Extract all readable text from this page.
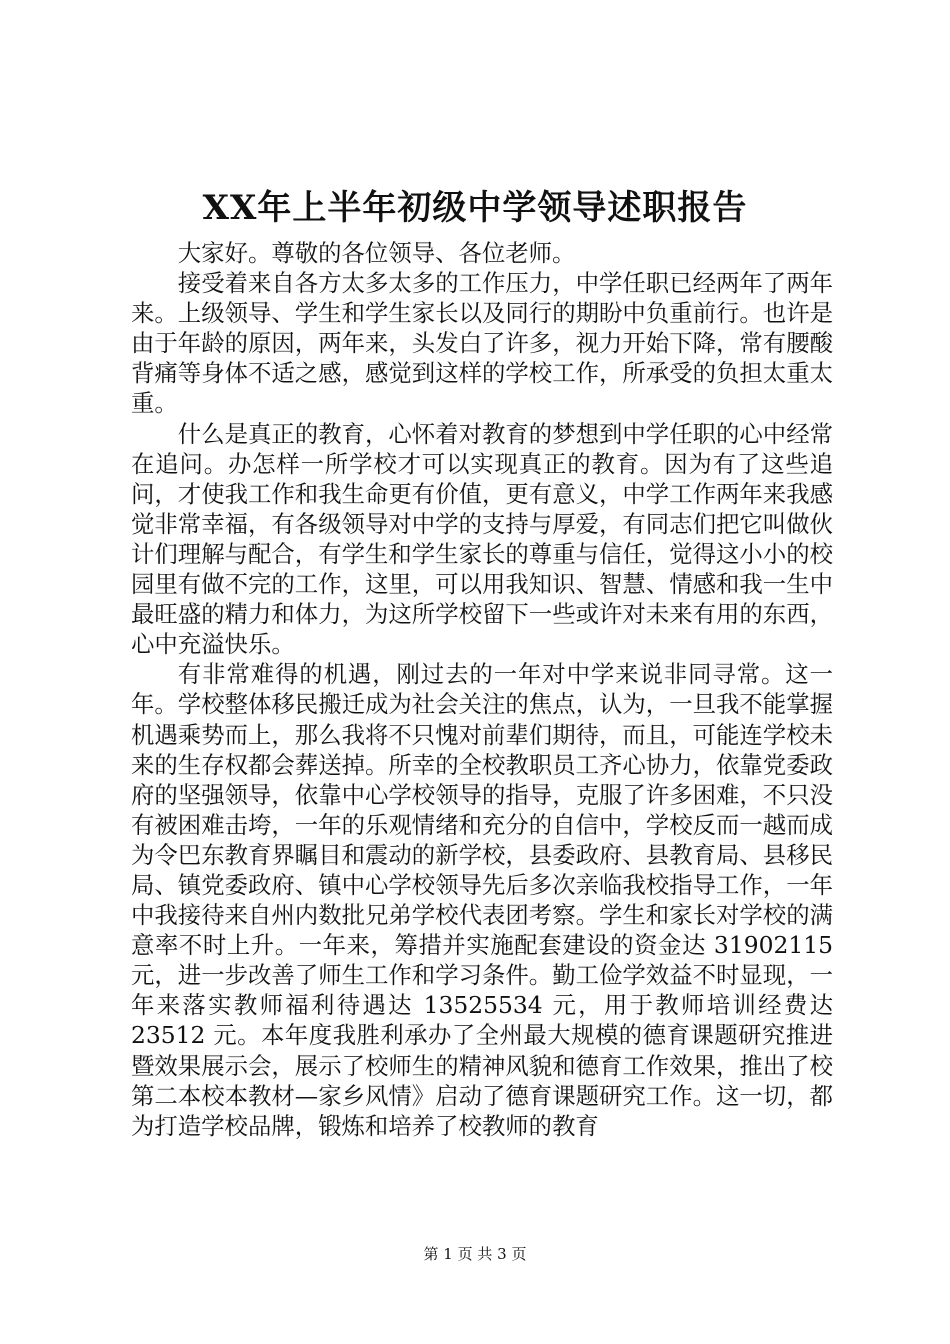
XX年上半年初级中学领导述职报告

大家好。尊敬的各位领导、各位老师。

接受着来自各方太多太多的工作压力，中学任职已经两年了两年来。上级领导、学生和学生家长以及同行的期盼中负重前行。也许是由于年龄的原因，两年来，头发白了许多，视力开始下降，常有腰酸背痛等身体不适之感，感觉到这样的学校工作，所承受的负担太重太重。

什么是真正的教育，心怀着对教育的梦想到中学任职的心中经常在追问。办怎样一所学校才可以实现真正的教育。因为有了这些追问，才使我工作和我生命更有价值，更有意义，中学工作两年来我感觉非常幸福，有各级领导对中学的支持与厚爱，有同志们把它叫做伙计们理解与配合，有学生和学生家长的尊重与信任，觉得这小小的校园里有做不完的工作，这里，可以用我知识、智慧、情感和我一生中最旺盛的精力和体力，为这所学校留下一些或许对未来有用的东西，心中充溢快乐。

有非常难得的机遇，刚过去的一年对中学来说非同寻常。这一年。学校整体移民搬迁成为社会关注的焦点，认为，一旦我不能掌握机遇乘势而上，那么我将不只愧对前辈们期待，而且，可能连学校未来的生存权都会葬送掉。所幸的全校教职员工齐心协力，依靠党委政府的坚强领导，依靠中心学校领导的指导，克服了许多困难，不只没有被困难击垮，一年的乐观情绪和充分的自信中，学校反而一越而成为令巴东教育界瞩目和震动的新学校，县委政府、县教育局、县移民局、镇党委政府、镇中心学校领导先后多次亲临我校指导工作，一年中我接待来自州内数批兄弟学校代表团考察。学生和家长对学校的满意率不时上升。一年来，筹措并实施配套建设的资金达 31902115 元，进一步改善了师生工作和学习条件。勤工俭学效益不时显现，一年来落实教师福利待遇达 13525534 元，用于教师培训经费达 23512 元。本年度我胜利承办了全州最大规模的德育课题研究推进暨效果展示会，展示了校师生的精神风貌和德育工作效果，推出了校第二本校本教材—家乡风情》启动了德育课题研究工作。这一切，都为打造学校品牌，锻炼和培养了校教师的教育

第 1 页 共 3 页
